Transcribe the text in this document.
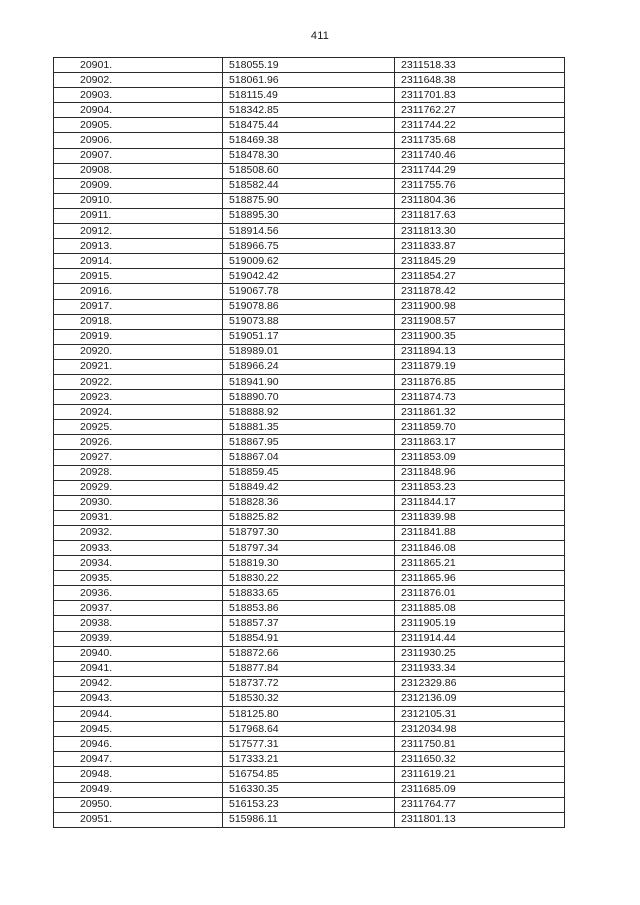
411
20901.	518055.19	2311518.33
20902.	518061.96	2311648.38
20903.	518115.49	2311701.83
20904.	518342.85	2311762.27
20905.	518475.44	2311744.22
20906.	518469.38	2311735.68
20907.	518478.30	2311740.46
20908.	518508.60	2311744.29
20909.	518582.44	2311755.76
20910.	518875.90	2311804.36
20911.	518895.30	2311817.63
20912.	518914.56	2311813.30
20913.	518966.75	2311833.87
20914.	519009.62	2311845.29
20915.	519042.42	2311854.27
20916.	519067.78	2311878.42
20917.	519078.86	2311900.98
20918.	519073.88	2311908.57
20919.	519051.17	2311900.35
20920.	518989.01	2311894.13
20921.	518966.24	2311879.19
20922.	518941.90	2311876.85
20923.	518890.70	2311874.73
20924.	518888.92	2311861.32
20925.	518881.35	2311859.70
20926.	518867.95	2311863.17
20927.	518867.04	2311853.09
20928.	518859.45	2311848.96
20929.	518849.42	2311853.23
20930.	518828.36	2311844.17
20931.	518825.82	2311839.98
20932.	518797.30	2311841.88
20933.	518797.34	2311846.08
20934.	518819.30	2311865.21
20935.	518830.22	2311865.96
20936.	518833.65	2311876.01
20937.	518853.86	2311885.08
20938.	518857.37	2311905.19
20939.	518854.91	2311914.44
20940.	518872.66	2311930.25
20941.	518877.84	2311933.34
20942.	518737.72	2312329.86
20943.	518530.32	2312136.09
20944.	518125.80	2312105.31
20945.	517968.64	2312034.98
20946.	517577.31	2311750.81
20947.	517333.21	2311650.32
20948.	516754.85	2311619.21
20949.	516330.35	2311685.09
20950.	516153.23	2311764.77
20951.	515986.11	2311801.13
